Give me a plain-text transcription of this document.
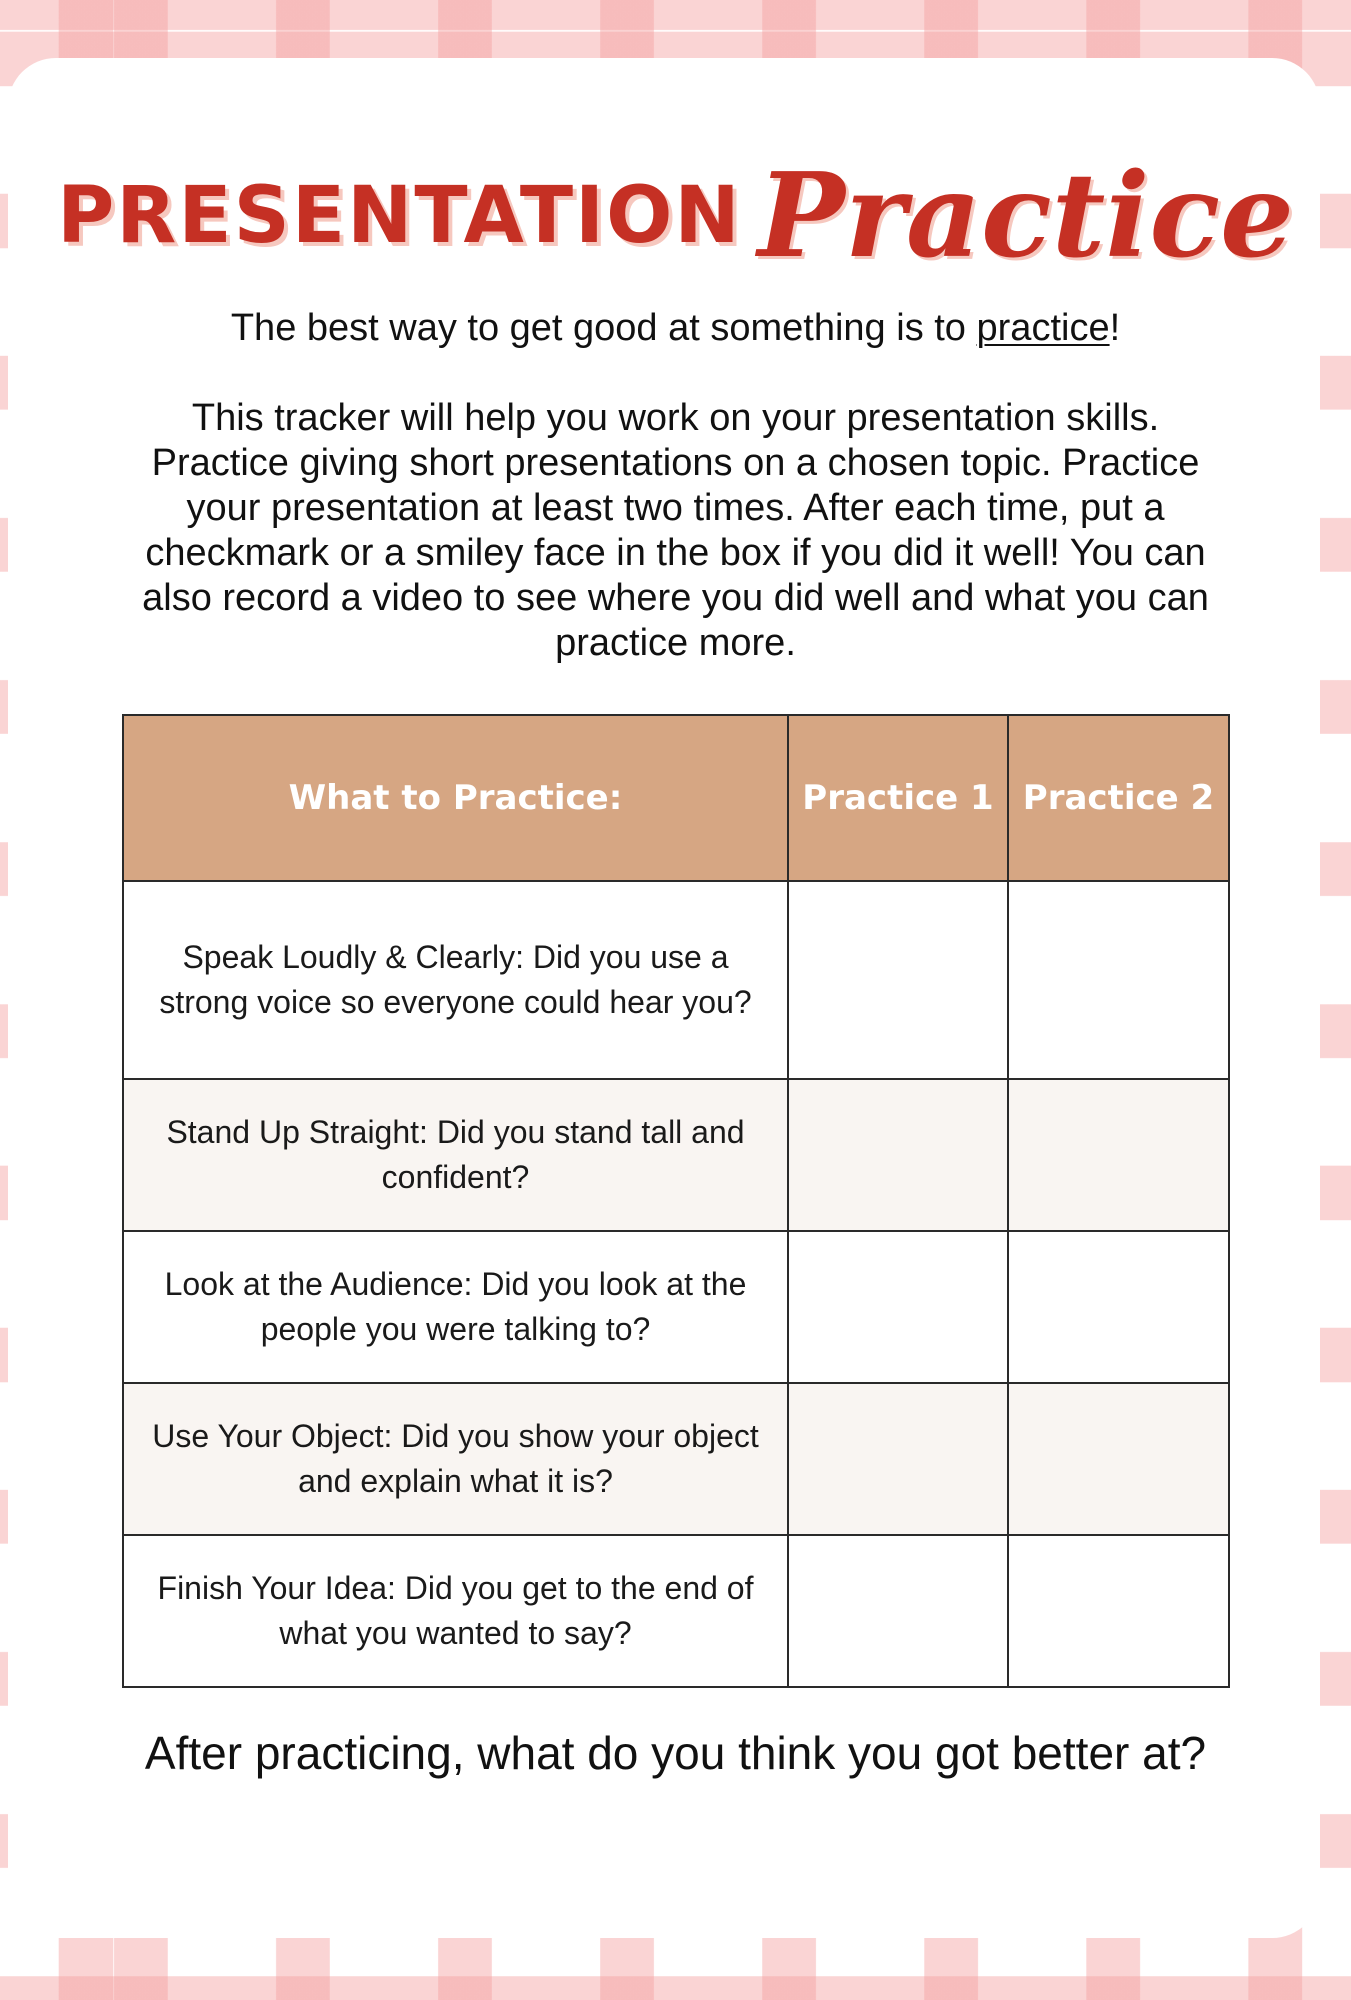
PRESENTATION Practice
The best way to get good at something is to practice!
This tracker will help you work on your presentation skills. Practice giving short presentations on a chosen topic. Practice your presentation at least two times. After each time, put a checkmark or a smiley face in the box if you did it well! You can also record a video to see where you did well and what you can practice more.
What to Practice:	Practice 1	Practice 2
Speak Loudly & Clearly: Did you use a strong voice so everyone could hear you?		
Stand Up Straight: Did you stand tall and confident?		
Look at the Audience: Did you look at the people you were talking to?		
Use Your Object: Did you show your object and explain what it is?		
Finish Your Idea: Did you get to the end of what you wanted to say?		
After practicing, what do you think you got better at?
